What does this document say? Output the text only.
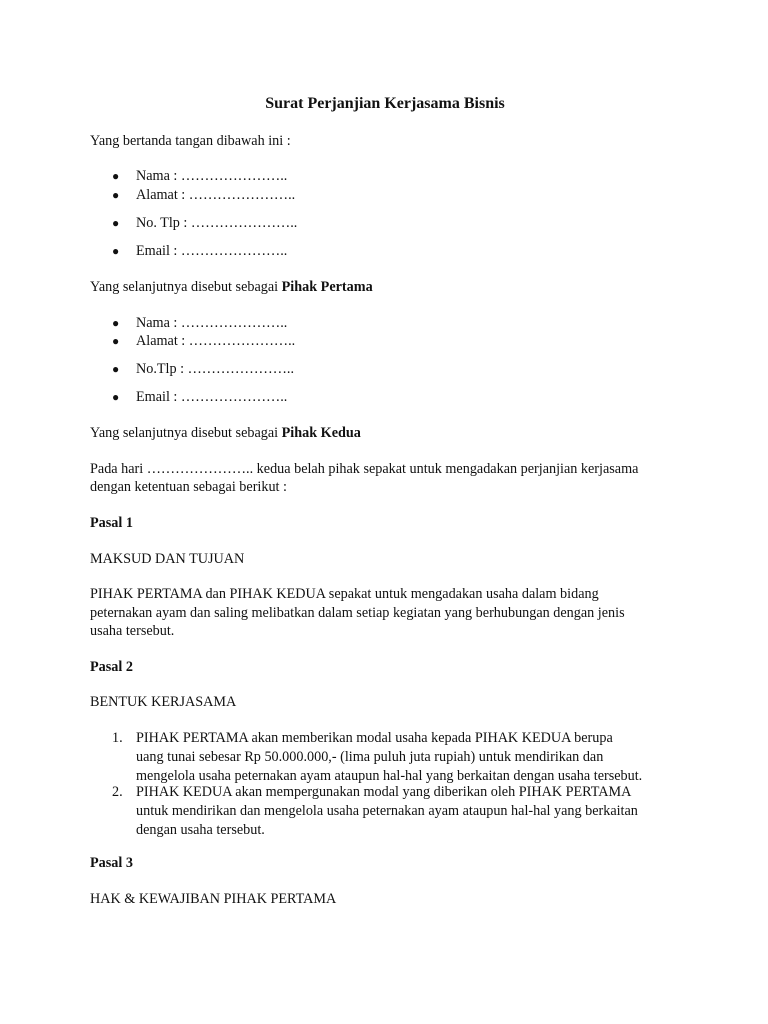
Surat Perjanjian Kerjasama Bisnis

Yang bertanda tangan dibawah ini :

● Nama : …………………..
● Alamat : …………………..
● No. Tlp : …………………..
● Email : …………………..

Yang selanjutnya disebut sebagai Pihak Pertama

● Nama : …………………..
● Alamat : …………………..
● No.Tlp : …………………..
● Email : …………………..

Yang selanjutnya disebut sebagai Pihak Kedua

Pada hari ………………….. kedua belah pihak sepakat untuk mengadakan perjanjian kerjasama

dengan ketentuan sebagai berikut :

Pasal 1

MAKSUD DAN TUJUAN

PIHAK PERTAMA dan PIHAK KEDUA sepakat untuk mengadakan usaha dalam bidang

peternakan ayam dan saling melibatkan dalam setiap kegiatan yang berhubungan dengan jenis

usaha tersebut.

Pasal 2

BENTUK KERJASAMA

1. PIHAK PERTAMA akan memberikan modal usaha kepada PIHAK KEDUA berupa
uang tunai sebesar Rp 50.000.000,- (lima puluh juta rupiah) untuk mendirikan dan
mengelola usaha peternakan ayam ataupun hal-hal yang berkaitan dengan usaha tersebut.
2. PIHAK KEDUA akan mempergunakan modal yang diberikan oleh PIHAK PERTAMA
untuk mendirikan dan mengelola usaha peternakan ayam ataupun hal-hal yang berkaitan
dengan usaha tersebut.

Pasal 3

HAK & KEWAJIBAN PIHAK PERTAMA
